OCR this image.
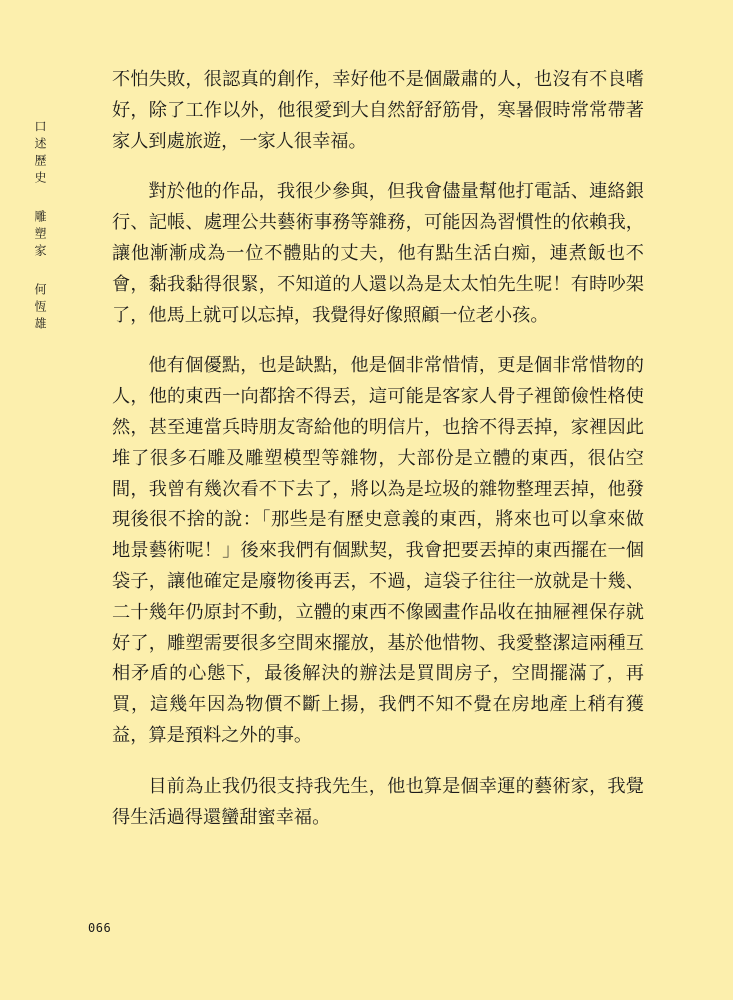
口述歷史
雕塑家
何恆雄

不怕失敗，很認真的創作，幸好他不是個嚴肅的人，也沒有不良嗜好，除了工作以外，他很愛到大自然舒舒筋骨，寒暑假時常常帶著家人到處旅遊，一家人很幸福。

對於他的作品，我很少參與，但我會儘量幫他打電話、連絡銀行、記帳、處理公共藝術事務等雜務，可能因為習慣性的依賴我，讓他漸漸成為一位不體貼的丈夫，他有點生活白痴，連煮飯也不會，黏我黏得很緊，不知道的人還以為是太太怕先生呢！有時吵架了，他馬上就可以忘掉，我覺得好像照顧一位老小孩。

他有個優點，也是缺點，他是個非常惜情，更是個非常惜物的人，他的東西一向都捨不得丟，這可能是客家人骨子裡節儉性格使然，甚至連當兵時朋友寄給他的明信片，也捨不得丟掉，家裡因此堆了很多石雕及雕塑模型等雜物，大部份是立體的東西，很佔空間，我曾有幾次看不下去了，將以為是垃圾的雜物整理丟掉，他發現後很不捨的說：「那些是有歷史意義的東西，將來也可以拿來做地景藝術呢！」後來我們有個默契，我會把要丟掉的東西擺在一個袋子，讓他確定是廢物後再丟，不過，這袋子往往一放就是十幾、二十幾年仍原封不動，立體的東西不像國畫作品收在抽屜裡保存就好了，雕塑需要很多空間來擺放，基於他惜物、我愛整潔這兩種互相矛盾的心態下，最後解決的辦法是買間房子，空間擺滿了，再買，這幾年因為物價不斷上揚，我們不知不覺在房地產上稍有獲益，算是預料之外的事。

目前為止我仍很支持我先生，他也算是個幸運的藝術家，我覺得生活過得還蠻甜蜜幸福。

066
